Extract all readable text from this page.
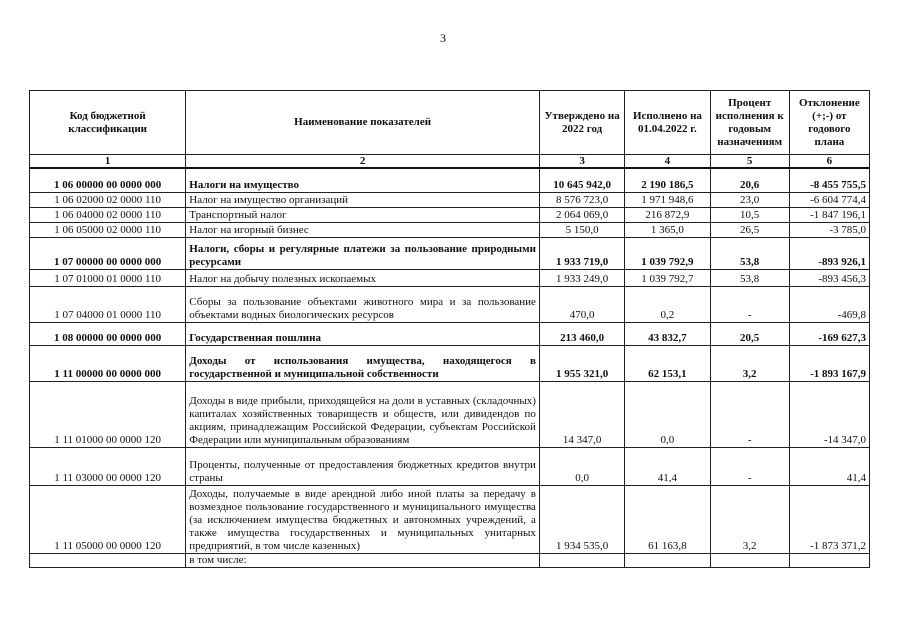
3
Код бюджетной классификации	Наименование показателей	Утверждено на 2022 год	Исполнено на 01.04.2022 г.	Процент исполнения к годовым назначениям	Отклонение (+;-) от годового плана
1	2	3	4	5	6
1 06 00000 00 0000 000	Налоги на имущество	10 645 942,0	2 190 186,5	20,6	-8 455 755,5
1 06 02000 02 0000 110	Налог на имущество организаций	8 576 723,0	1 971 948,6	23,0	-6 604 774,4
1 06 04000 02 0000 110	Транспортный налог	2 064 069,0	216 872,9	10,5	-1 847 196,1
1 06 05000 02 0000 110	Налог на игорный бизнес	5 150,0	1 365,0	26,5	-3 785,0
1 07 00000 00 0000 000	Налоги, сборы и регулярные платежи за пользование природными ресурсами	1 933 719,0	1 039 792,9	53,8	-893 926,1
1 07 01000 01 0000 110	Налог на добычу полезных ископаемых	1 933 249,0	1 039 792,7	53,8	-893 456,3
1 07 04000 01 0000 110	Сборы за пользование объектами животного мира и за пользование объектами водных биологических ресурсов	470,0	0,2	-	-469,8
1 08 00000 00 0000 000	Государственная пошлина	213 460,0	43 832,7	20,5	-169 627,3
1 11 00000 00 0000 000	Доходы от использования имущества, находящегося в государственной и муниципальной собственности	1 955 321,0	62 153,1	3,2	-1 893 167,9
1 11 01000 00 0000 120	Доходы в виде прибыли, приходящейся на доли в уставных (складочных) капиталах хозяйственных товариществ и обществ, или дивидендов по акциям, принадлежащим Российской Федерации, субъектам Российской Федерации или муниципальным образованиям	14 347,0	0,0	-	-14 347,0
1 11 03000 00 0000 120	Проценты, полученные от предоставления бюджетных кредитов внутри страны	0,0	41,4	-	41,4
1 11 05000 00 0000 120	Доходы, получаемые в виде арендной либо иной платы за передачу в возмездное пользование государственного и муниципального имущества (за исключением имущества бюджетных и автономных учреждений, а также имущества государственных и муниципальных унитарных предприятий, в том числе казенных)	1 934 535,0	61 163,8	3,2	-1 873 371,2
	в том числе:				
